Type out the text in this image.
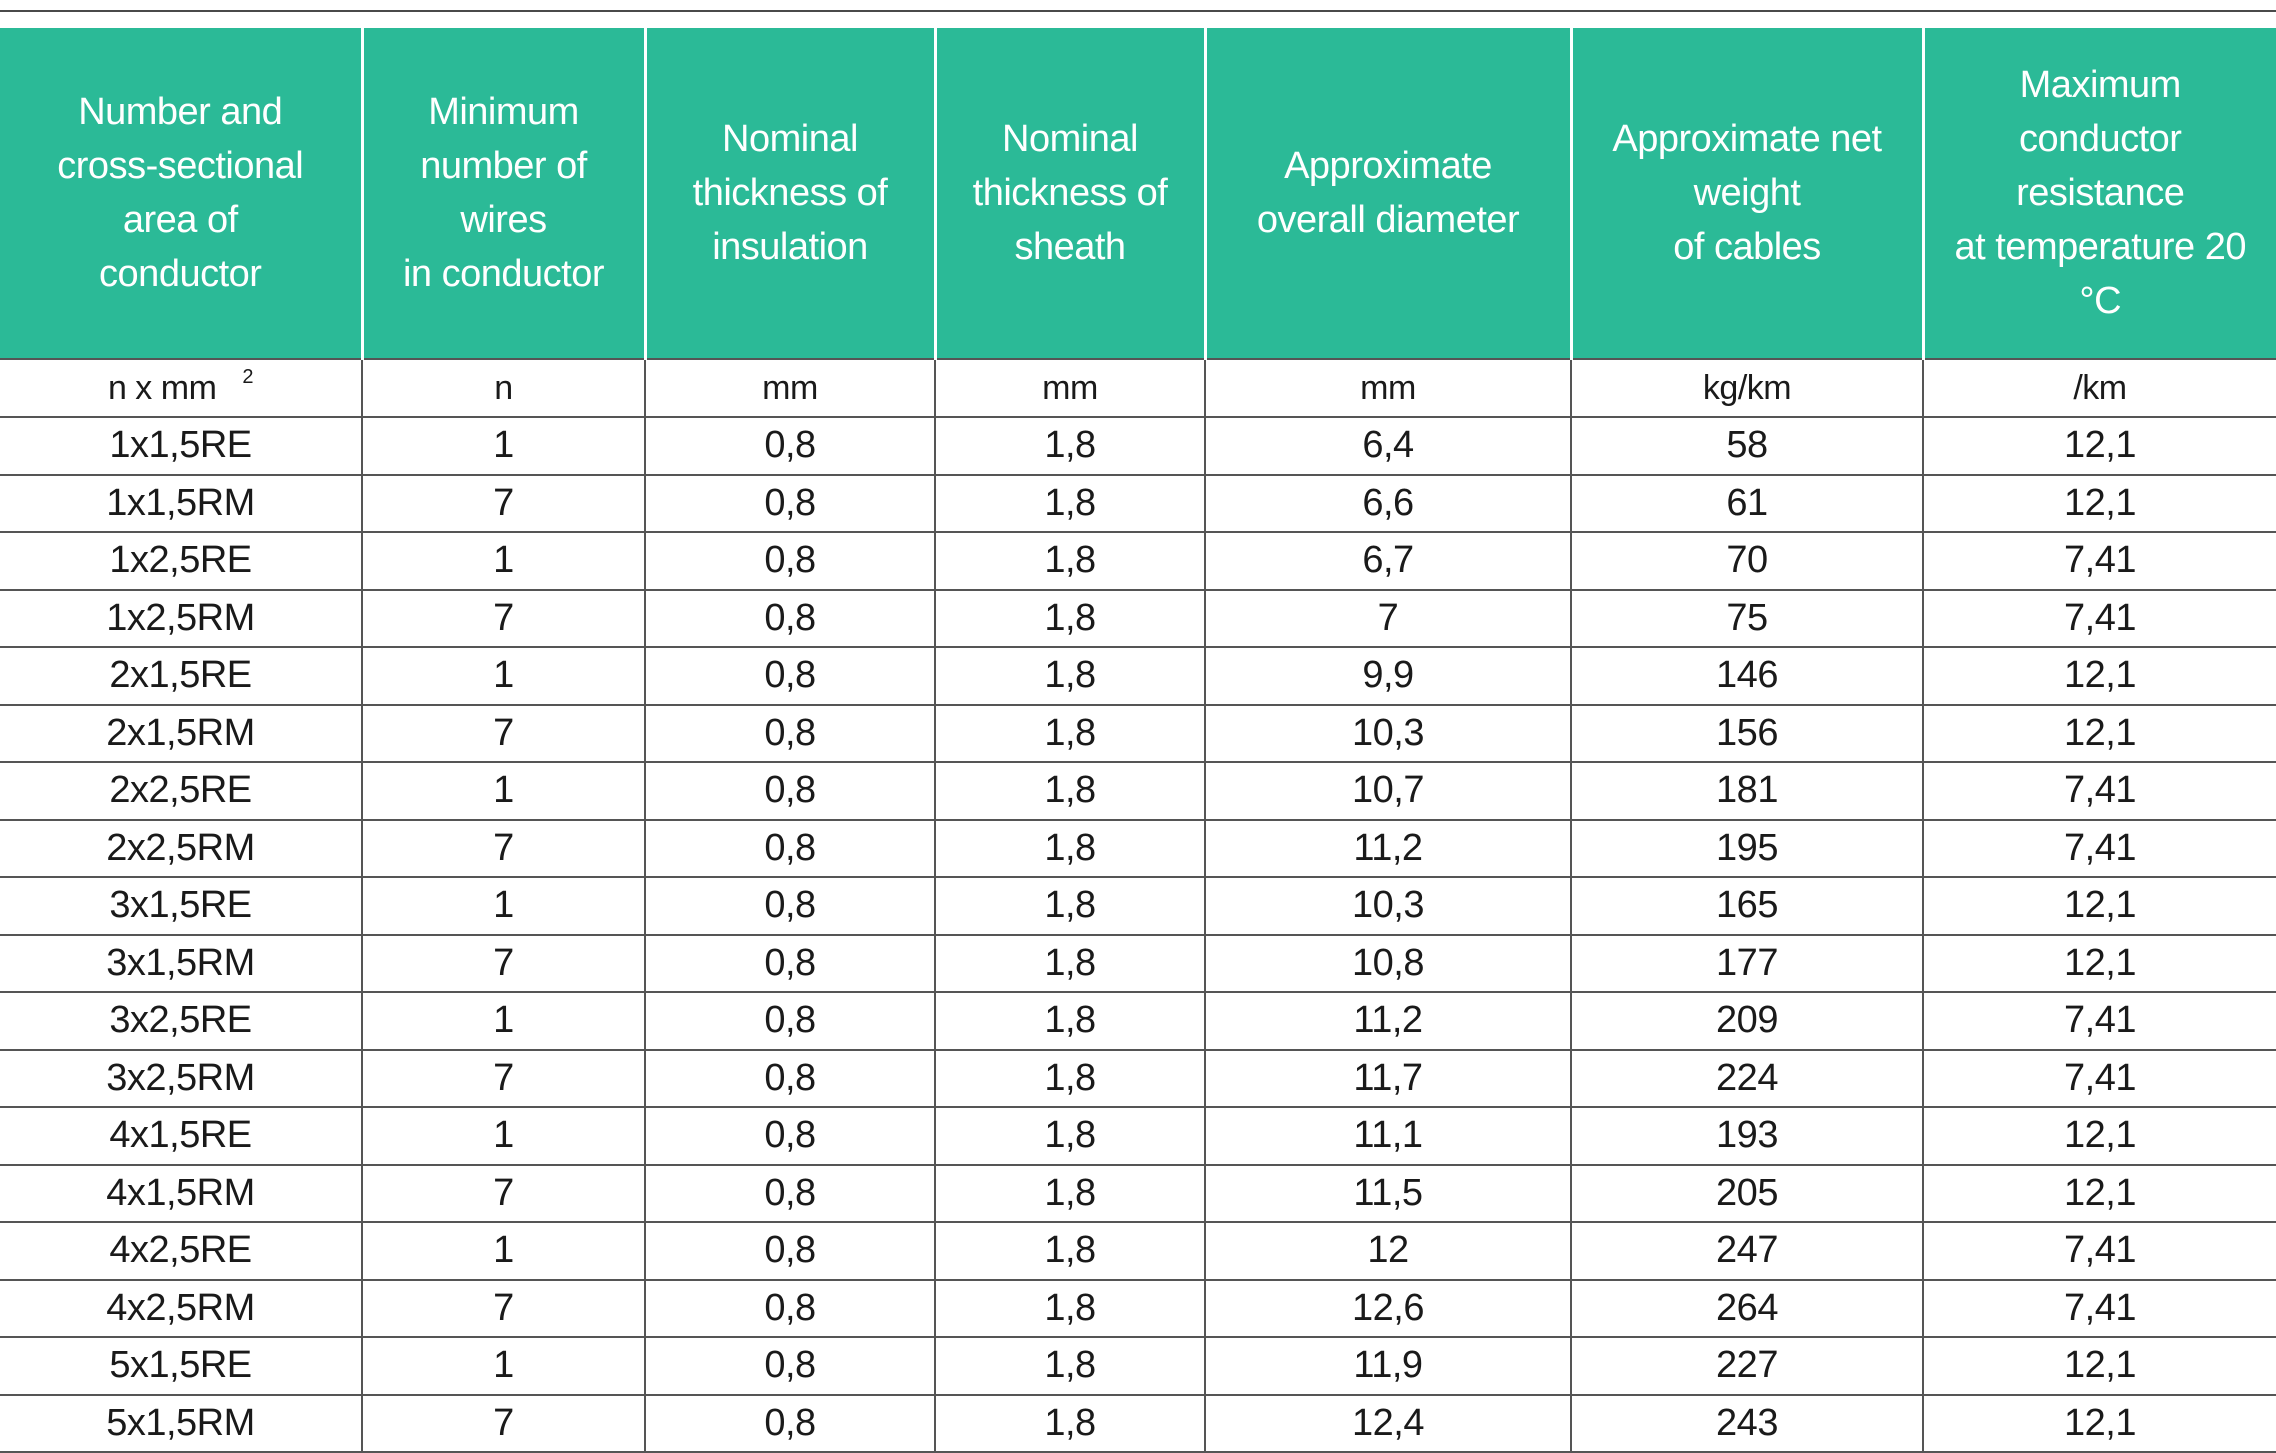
Number and
cross-sectional
area of
conductor	Minimum
number of
wires
in conductor	Nominal
thickness of
insulation	Nominal
thickness of
sheath	Approximate
overall diameter	Approximate net
weight
of cables	Maximum
conductor resistance
at temperature 20 °C
n x mm $^2$	n	mm	mm	mm	kg/km	/km
1x1,5RE	1	0,8	1,8	6,4	58	12,1
1x1,5RM	7	0,8	1,8	6,6	61	12,1
1x2,5RE	1	0,8	1,8	6,7	70	7,41
1x2,5RM	7	0,8	1,8	7	75	7,41
2x1,5RE	1	0,8	1,8	9,9	146	12,1
2x1,5RM	7	0,8	1,8	10,3	156	12,1
2x2,5RE	1	0,8	1,8	10,7	181	7,41
2x2,5RM	7	0,8	1,8	11,2	195	7,41
3x1,5RE	1	0,8	1,8	10,3	165	12,1
3x1,5RM	7	0,8	1,8	10,8	177	12,1
3x2,5RE	1	0,8	1,8	11,2	209	7,41
3x2,5RM	7	0,8	1,8	11,7	224	7,41
4x1,5RE	1	0,8	1,8	11,1	193	12,1
4x1,5RM	7	0,8	1,8	11,5	205	12,1
4x2,5RE	1	0,8	1,8	12	247	7,41
4x2,5RM	7	0,8	1,8	12,6	264	7,41
5x1,5RE	1	0,8	1,8	11,9	227	12,1
5x1,5RM	7	0,8	1,8	12,4	243	12,1
